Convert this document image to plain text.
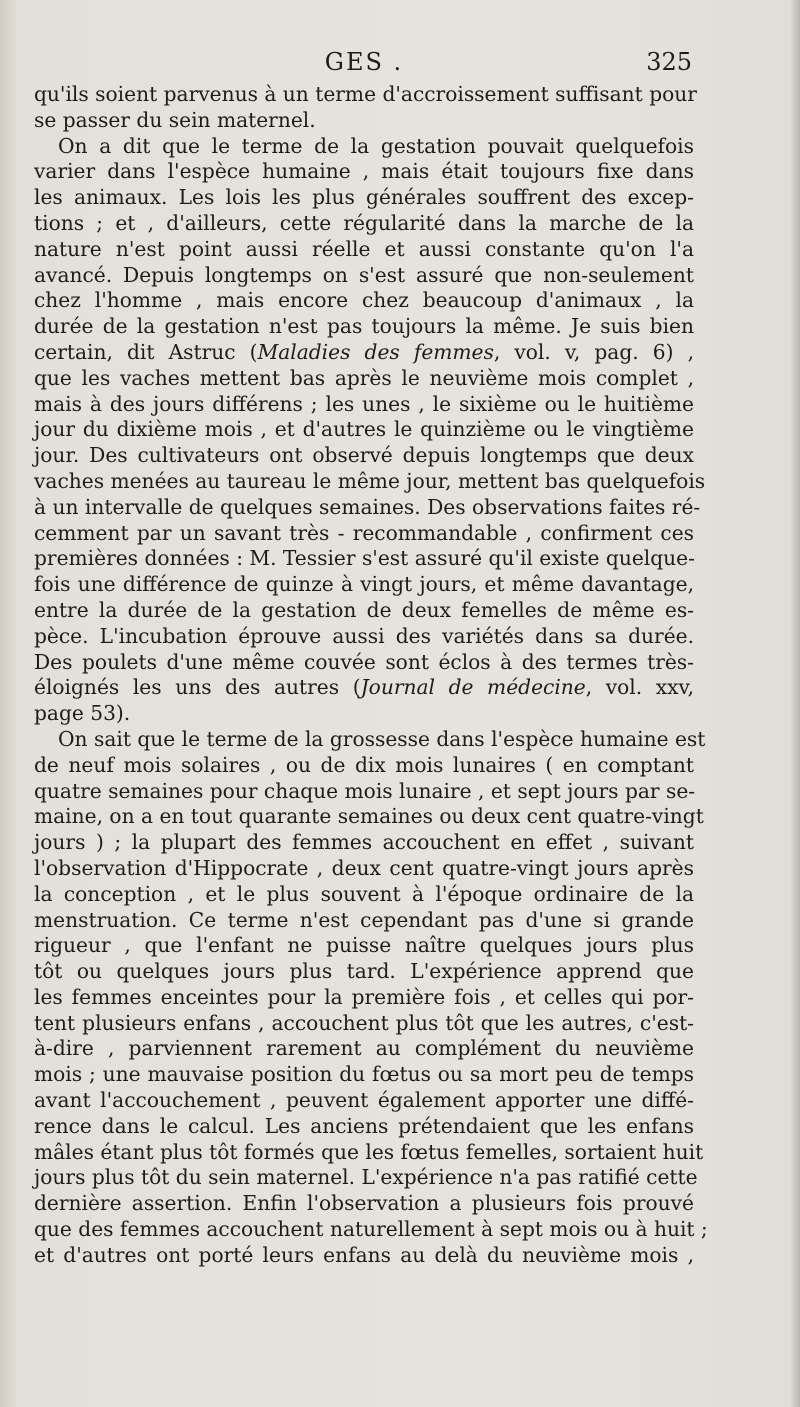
GES .	325
qu'ils soient parvenus à un terme d'accroissement suffisant pour
se passer du sein maternel.
On a dit que le terme de la gestation pouvait quelquefois
varier dans l'espèce humaine , mais était toujours fixe dans
les animaux. Les lois les plus générales souffrent des excep-
tions ; et , d'ailleurs, cette régularité dans la marche de la
nature n'est point aussi réelle et aussi constante qu'on l'a
avancé. Depuis longtemps on s'est assuré que non-seulement
chez l'homme , mais encore chez beaucoup d'animaux , la
durée de la gestation n'est pas toujours la même. Je suis bien
certain, dit Astruc (Maladies des femmes, vol. v, pag. 6) ,
que les vaches mettent bas après le neuvième mois complet ,
mais à des jours différens ; les unes , le sixième ou le huitième
jour du dixième mois , et d'autres le quinzième ou le vingtième
jour. Des cultivateurs ont observé depuis longtemps que deux
vaches menées au taureau le même jour, mettent bas quelquefois
à un intervalle de quelques semaines. Des observations faites ré-
cemment par un savant très - recommandable , confirment ces
premières données : M. Tessier s'est assuré qu'il existe quelque-
fois une différence de quinze à vingt jours, et même davantage,
entre la durée de la gestation de deux femelles de même es-
pèce. L'incubation éprouve aussi des variétés dans sa durée.
Des poulets d'une même couvée sont éclos à des termes très-
éloignés les uns des autres (Journal de médecine, vol. xxv,
page 53).
On sait que le terme de la grossesse dans l'espèce humaine est
de neuf mois solaires , ou de dix mois lunaires ( en comptant
quatre semaines pour chaque mois lunaire , et sept jours par se-
maine, on a en tout quarante semaines ou deux cent quatre-vingt
jours ) ; la plupart des femmes accouchent en effet , suivant
l'observation d'Hippocrate , deux cent quatre-vingt jours après
la conception , et le plus souvent à l'époque ordinaire de la
menstruation. Ce terme n'est cependant pas d'une si grande
rigueur , que l'enfant ne puisse naître quelques jours plus
tôt ou quelques jours plus tard. L'expérience apprend que
les femmes enceintes pour la première fois , et celles qui por-
tent plusieurs enfans , accouchent plus tôt que les autres, c'est-
à-dire , parviennent rarement au complément du neuvième
mois ; une mauvaise position du fœtus ou sa mort peu de temps
avant l'accouchement , peuvent également apporter une diffé-
rence dans le calcul. Les anciens prétendaient que les enfans
mâles étant plus tôt formés que les fœtus femelles, sortaient huit
jours plus tôt du sein maternel. L'expérience n'a pas ratifié cette
dernière assertion. Enfin l'observation a plusieurs fois prouvé
que des femmes accouchent naturellement à sept mois ou à huit ;
et d'autres ont porté leurs enfans au delà du neuvième mois ,
